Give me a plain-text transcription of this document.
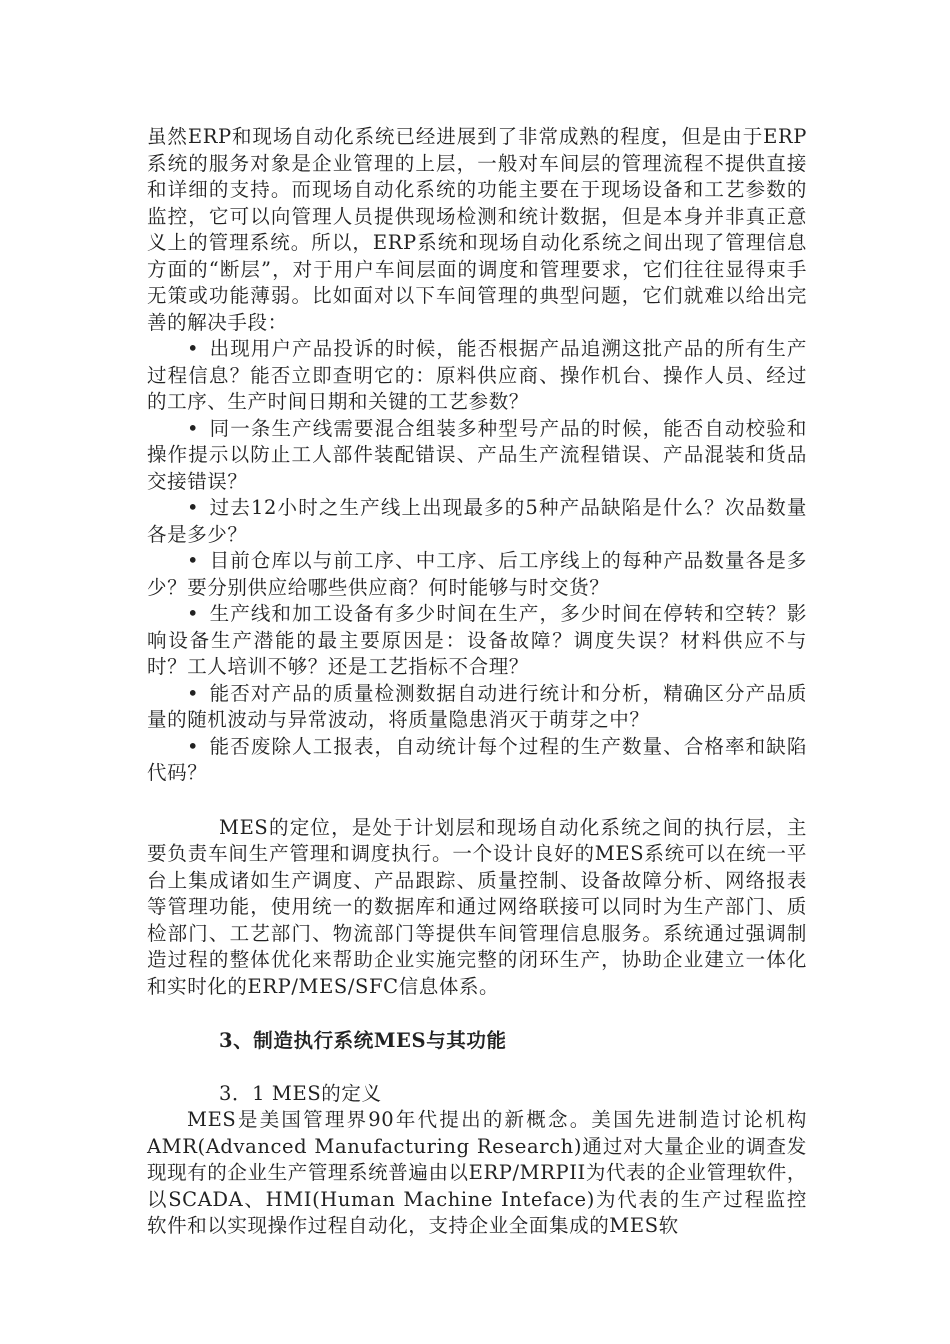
虽然ERP和现场自动化系统已经进展到了非常成熟的程度，但是由于ERP系统的服务对象是企业管理的上层，一般对车间层的管理流程不提供直接和详细的支持。而现场自动化系统的功能主要在于现场设备和工艺参数的监控，它可以向管理人员提供现场检测和统计数据，但是本身并非真正意义上的管理系统。所以，ERP系统和现场自动化系统之间出现了管理信息方面的“断层”，对于用户车间层面的调度和管理要求，它们往往显得束手无策或功能薄弱。比如面对以下车间管理的典型问题，它们就难以给出完善的解决手段：

• 出现用户产品投诉的时候，能否根据产品追溯这批产品的所有生产过程信息？能否立即查明它的：原料供应商、操作机台、操作人员、经过的工序、生产时间日期和关键的工艺参数？

• 同一条生产线需要混合组装多种型号产品的时候，能否自动校验和操作提示以防止工人部件装配错误、产品生产流程错误、产品混装和货品交接错误？

• 过去12小时之生产线上出现最多的5种产品缺陷是什么？次品数量各是多少？

• 目前仓库以与前工序、中工序、后工序线上的每种产品数量各是多少？要分别供应给哪些供应商？何时能够与时交货？

• 生产线和加工设备有多少时间在生产，多少时间在停转和空转？影响设备生产潜能的最主要原因是：设备故障？调度失误？材料供应不与时？工人培训不够？还是工艺指标不合理？

• 能否对产品的质量检测数据自动进行统计和分析，精确区分产品质量的随机波动与异常波动，将质量隐患消灭于萌芽之中？

• 能否废除人工报表，自动统计每个过程的生产数量、合格率和缺陷代码？

MES的定位，是处于计划层和现场自动化系统之间的执行层，主要负责车间生产管理和调度执行。一个设计良好的MES系统可以在统一平台上集成诸如生产调度、产品跟踪、质量控制、设备故障分析、网络报表等管理功能，使用统一的数据库和通过网络联接可以同时为生产部门、质检部门、工艺部门、物流部门等提供车间管理信息服务。系统通过强调制造过程的整体优化来帮助企业实施完整的闭环生产，协助企业建立一体化和实时化的ERP/MES/SFC信息体系。

3、制造执行系统MES与其功能

3．1 MES的定义

MES是美国管理界90年代提出的新概念。美国先进制造讨论机构AMR(Advanced Manufacturing Research)通过对大量企业的调查发现现有的企业生产管理系统普遍由以ERP/MRPII为代表的企业管理软件，以SCADA、HMI(Human Machine Inteface)为代表的生产过程监控软件和以实现操作过程自动化，支持企业全面集成的MES软
